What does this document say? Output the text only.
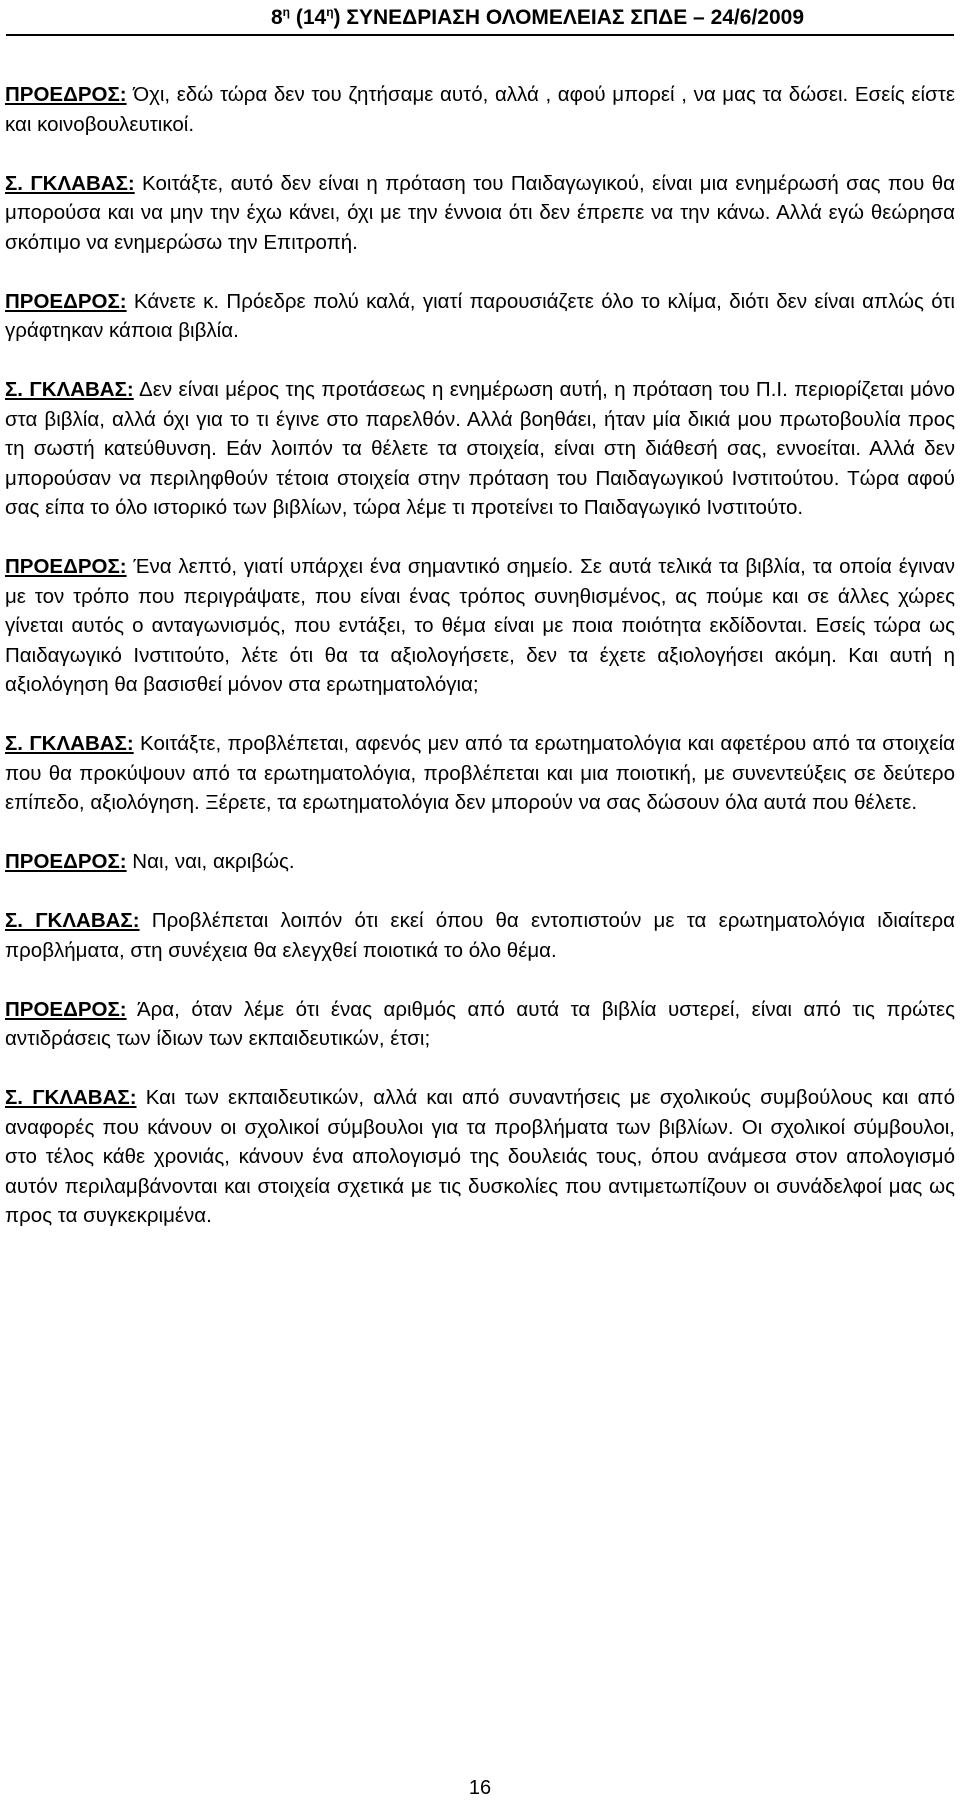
$8^\eta$ $(14^\eta)$ ΣΥΝΕΔΡΙΑΣΗ ΟΛΟΜΕΛΕΙΑΣ ΣΠΔΕ – 24/6/2009

ΠΡΟΕΔΡΟΣ: Όχι, εδώ τώρα δεν του ζητήσαμε αυτό, αλλά , αφού μπορεί , να μας τα δώσει. Εσείς είστε και κοινοβουλευτικοί.

Σ. ΓΚΛΑΒΑΣ: Κοιτάξτε, αυτό δεν είναι η πρόταση του Παιδαγωγικού, είναι μια ενημέρωσή σας που θα μπορούσα και να μην την έχω κάνει, όχι με την έννοια ότι δεν έπρεπε να την κάνω. Αλλά εγώ θεώρησα σκόπιμο να ενημερώσω την Επιτροπή.

ΠΡΟΕΔΡΟΣ: Κάνετε κ. Πρόεδρε πολύ καλά, γιατί παρουσιάζετε όλο το κλίμα, διότι δεν είναι απλώς ότι γράφτηκαν κάποια βιβλία.

Σ. ΓΚΛΑΒΑΣ: Δεν είναι μέρος της προτάσεως η ενημέρωση αυτή, η πρόταση του Π.Ι. περιορίζεται μόνο στα βιβλία, αλλά όχι για το τι έγινε στο παρελθόν. Αλλά βοηθάει, ήταν μία δικιά μου πρωτοβουλία προς τη σωστή κατεύθυνση. Εάν λοιπόν τα θέλετε τα στοιχεία, είναι στη διάθεσή σας, εννοείται. Αλλά δεν μπορούσαν να περιληφθούν τέτοια στοιχεία στην πρόταση του Παιδαγωγικού Ινστιτούτου. Τώρα αφού σας είπα το όλο ιστορικό των βιβλίων, τώρα λέμε τι προτείνει το Παιδαγωγικό Ινστιτούτο.

ΠΡΟΕΔΡΟΣ: Ένα λεπτό, γιατί υπάρχει ένα σημαντικό σημείο. Σε αυτά τελικά τα βιβλία, τα οποία έγιναν με τον τρόπο που περιγράψατε, που είναι ένας τρόπος συνηθισμένος, ας πούμε και σε άλλες χώρες γίνεται αυτός ο ανταγωνισμός, που εντάξει, το θέμα είναι με ποια ποιότητα εκδίδονται. Εσείς τώρα ως Παιδαγωγικό Ινστιτούτο, λέτε ότι θα τα αξιολογήσετε, δεν τα έχετε αξιολογήσει ακόμη. Και αυτή η αξιολόγηση θα βασισθεί μόνον στα ερωτηματολόγια;

Σ. ΓΚΛΑΒΑΣ: Κοιτάξτε, προβλέπεται, αφενός μεν από τα ερωτηματολόγια και αφετέρου από τα στοιχεία που θα προκύψουν από τα ερωτηματολόγια, προβλέπεται και μια ποιοτική, με συνεντεύξεις σε δεύτερο επίπεδο, αξιολόγηση. Ξέρετε, τα ερωτηματολόγια δεν μπορούν να σας δώσουν όλα αυτά που θέλετε.

ΠΡΟΕΔΡΟΣ: Ναι, ναι, ακριβώς.

Σ. ΓΚΛΑΒΑΣ: Προβλέπεται λοιπόν ότι εκεί όπου θα εντοπιστούν με τα ερωτηματολόγια ιδιαίτερα προβλήματα, στη συνέχεια θα ελεγχθεί ποιοτικά το όλο θέμα.

ΠΡΟΕΔΡΟΣ: Άρα, όταν λέμε ότι ένας αριθμός από αυτά τα βιβλία υστερεί, είναι από τις πρώτες αντιδράσεις των ίδιων των εκπαιδευτικών, έτσι;

Σ. ΓΚΛΑΒΑΣ: Και των εκπαιδευτικών, αλλά και από συναντήσεις με σχολικούς συμβούλους και από αναφορές που κάνουν οι σχολικοί σύμβουλοι για τα προβλήματα των βιβλίων. Οι σχολικοί σύμβουλοι, στο τέλος κάθε χρονιάς, κάνουν ένα απολογισμό της δουλειάς τους, όπου ανάμεσα στον απολογισμό αυτόν περιλαμβάνονται και στοιχεία σχετικά με τις δυσκολίες που αντιμετωπίζουν οι συνάδελφοί μας ως προς τα συγκεκριμένα.

16
